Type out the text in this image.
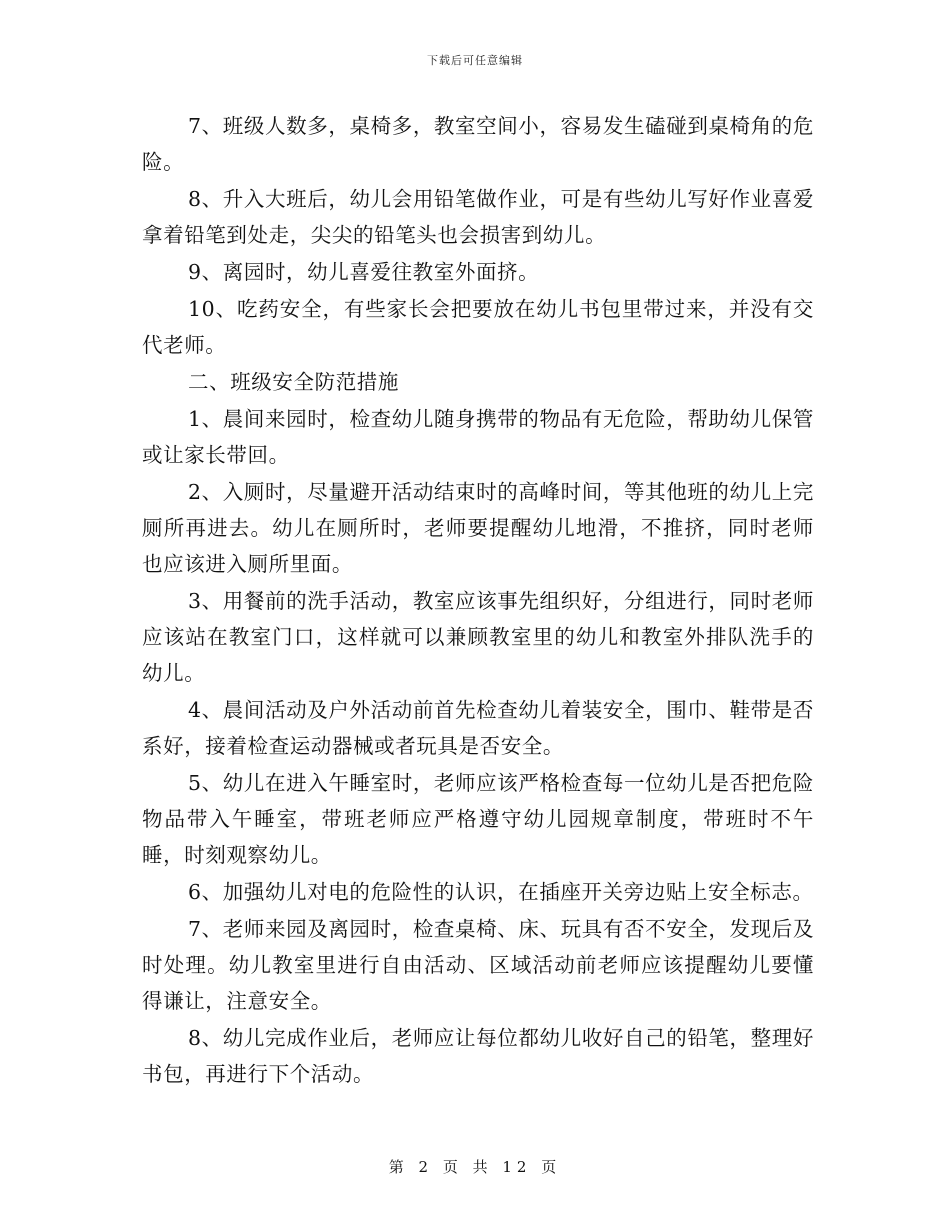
下载后可任意编辑

7、班级人数多，桌椅多，教室空间小，容易发生磕碰到桌椅角的危险。

8、升入大班后，幼儿会用铅笔做作业，可是有些幼儿写好作业喜爱拿着铅笔到处走，尖尖的铅笔头也会损害到幼儿。

9、离园时，幼儿喜爱往教室外面挤。

10、吃药安全，有些家长会把要放在幼儿书包里带过来，并没有交代老师。

二、班级安全防范措施

1、晨间来园时，检查幼儿随身携带的物品有无危险，帮助幼儿保管或让家长带回。

2、入厕时，尽量避开活动结束时的高峰时间，等其他班的幼儿上完厕所再进去。幼儿在厕所时，老师要提醒幼儿地滑，不推挤，同时老师也应该进入厕所里面。

3、用餐前的洗手活动，教室应该事先组织好，分组进行，同时老师应该站在教室门口，这样就可以兼顾教室里的幼儿和教室外排队洗手的幼儿。

4、晨间活动及户外活动前首先检查幼儿着装安全，围巾、鞋带是否系好，接着检查运动器械或者玩具是否安全。

5、幼儿在进入午睡室时，老师应该严格检查每一位幼儿是否把危险物品带入午睡室，带班老师应严格遵守幼儿园规章制度，带班时不午睡，时刻观察幼儿。

6、加强幼儿对电的危险性的认识，在插座开关旁边贴上安全标志。

7、老师来园及离园时，检查桌椅、床、玩具有否不安全，发现后及时处理。幼儿教室里进行自由活动、区域活动前老师应该提醒幼儿要懂得谦让，注意安全。

8、幼儿完成作业后，老师应让每位都幼儿收好自己的铅笔，整理好书包，再进行下个活动。

第 2 页 共 12 页
